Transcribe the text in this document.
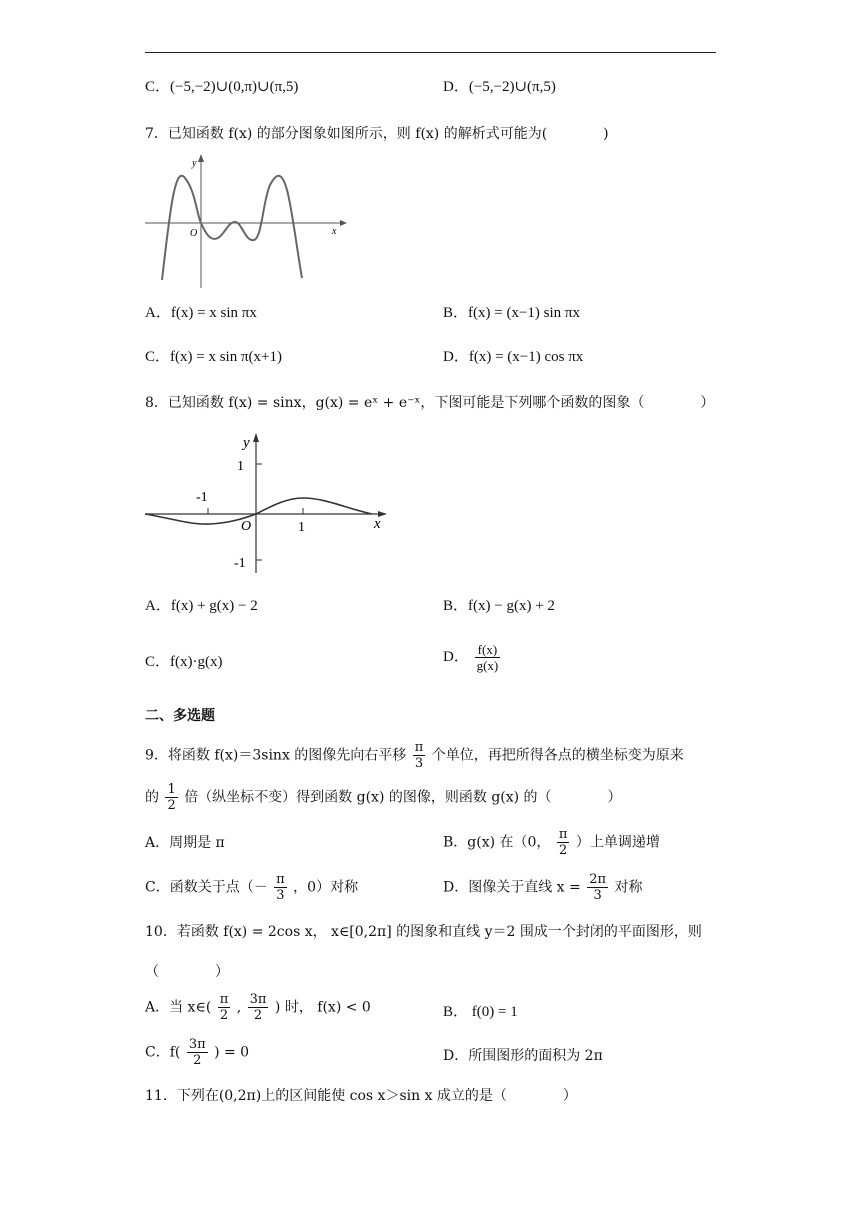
C．(−5,−2)∪(0,π)∪(π,5)	D．(−5,−2)∪(π,5)
7．已知函数 f(x) 的部分图象如图所示，则 f(x) 的解析式可能为(　　　　)
y
x
O
A．f(x) = x sin πx	B．f(x) = (x−1) sin πx
C．f(x) = x sin π(x+1)	D．f(x) = (x−1) cos πx
8．已知函数 f(x) = sinx，g(x) = eˣ + e⁻ˣ，下图可能是下列哪个函数的图象（　　　　）
y
x
O
1
-1
1
-1
A．f(x) + g(x) − 2	B．f(x) − g(x) + 2
C．f(x)·g(x)	D． $\frac{f(x)}{g(x)}$
二、多选题
9．将函数 f(x)＝3sinx 的图像先向右平移 $\frac{\pi}{3}$ 个单位，再把所得各点的横坐标变为原来
的 $\frac{1}{2}$ 倍（纵坐标不变）得到函数 g(x) 的图像，则函数 g(x) 的（　　　　）
A．周期是 π	B．g(x) 在（0， $\frac{\pi}{2}$ ）上单调递增
C．函数关于点（－ $\frac{\pi}{3}$ ，0）对称	D．图像关于直线 $x = \frac{2\pi}{3}$ 对称
10．若函数 f(x) = 2cos x， x∈[0,2π] 的图象和直线 y＝2 围成一个封闭的平面图形，则
（　　　　）
A．当 x∈( $\frac{\pi}{2}$ , $\frac{3\pi}{2}$ ) 时， f(x) < 0	B． f(0) = 1
C．$f( \frac{3\pi}{2}$ ) = 0	D．所围图形的面积为 2π
11．下列在(0,2π)上的区间能使 cos x＞sin x 成立的是（　　　　）
